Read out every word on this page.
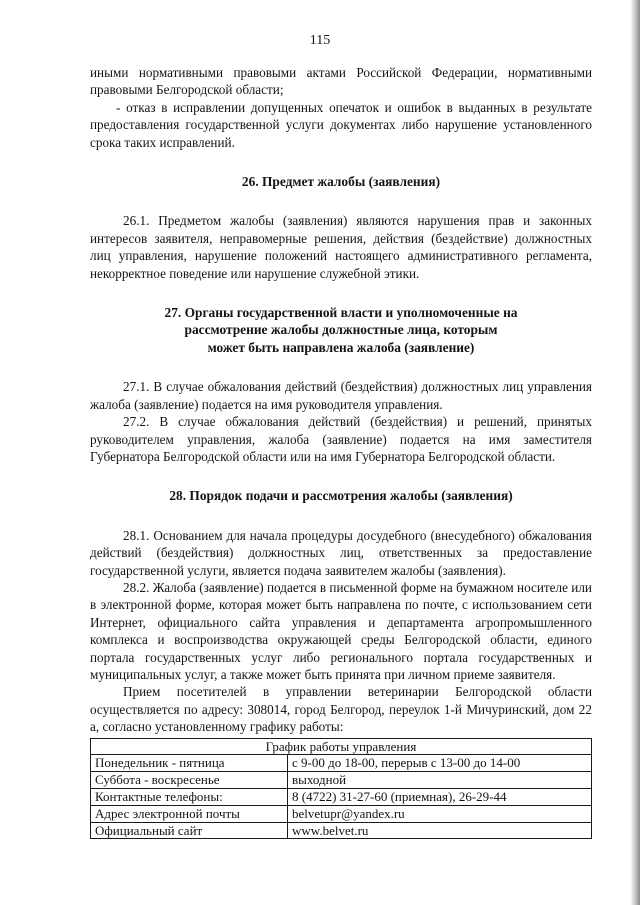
115

иными нормативными правовыми актами Российской Федерации, нормативными правовыми Белгородской области;

- отказ в исправлении допущенных опечаток и ошибок в выданных в результате предоставления государственной услуги документах либо нарушение установленного срока таких исправлений.

26. Предмет жалобы (заявления)

26.1. Предметом жалобы (заявления) являются нарушения прав и законных интересов заявителя, неправомерные решения, действия (бездействие) должностных лиц управления, нарушение положений настоящего административного регламента, некорректное поведение или нарушение служебной этики.

27. Органы государственной власти и уполномоченные на
рассмотрение жалобы должностные лица, которым
может быть направлена жалоба (заявление)

27.1. В случае обжалования действий (бездействия) должностных лиц управления жалоба (заявление) подается на имя руководителя управления.

27.2. В случае обжалования действий (бездействия) и решений, принятых руководителем управления, жалоба (заявление) подается на имя заместителя Губернатора Белгородской области или на имя Губернатора Белгородской области.

28. Порядок подачи и рассмотрения жалобы (заявления)

28.1. Основанием для начала процедуры досудебного (внесудебного) обжалования действий (бездействия) должностных лиц, ответственных за предоставление государственной услуги, является подача заявителем жалобы (заявления).

28.2. Жалоба (заявление) подается в письменной форме на бумажном носителе или в электронной форме, которая может быть направлена по почте, с использованием сети Интернет, официального сайта управления и департамента агропромышленного комплекса и воспроизводства окружающей среды Белгородской области, единого портала государственных услуг либо регионального портала государственных и муниципальных услуг, а также может быть принята при личном приеме заявителя.

Прием посетителей в управлении ветеринарии Белгородской области осуществляется по адресу: 308014, город Белгород, переулок 1-й Мичуринский, дом 22 а, согласно установленному графику работы:

График работы управления	
Понедельник - пятница	с 9-00 до 18-00, перерыв с 13-00 до 14-00
Суббота - воскресенье	выходной
Контактные телефоны:	8 (4722) 31-27-60 (приемная), 26-29-44
Адрес электронной почты	belvetupr@yandex.ru
Официальный сайт	www.belvet.ru
